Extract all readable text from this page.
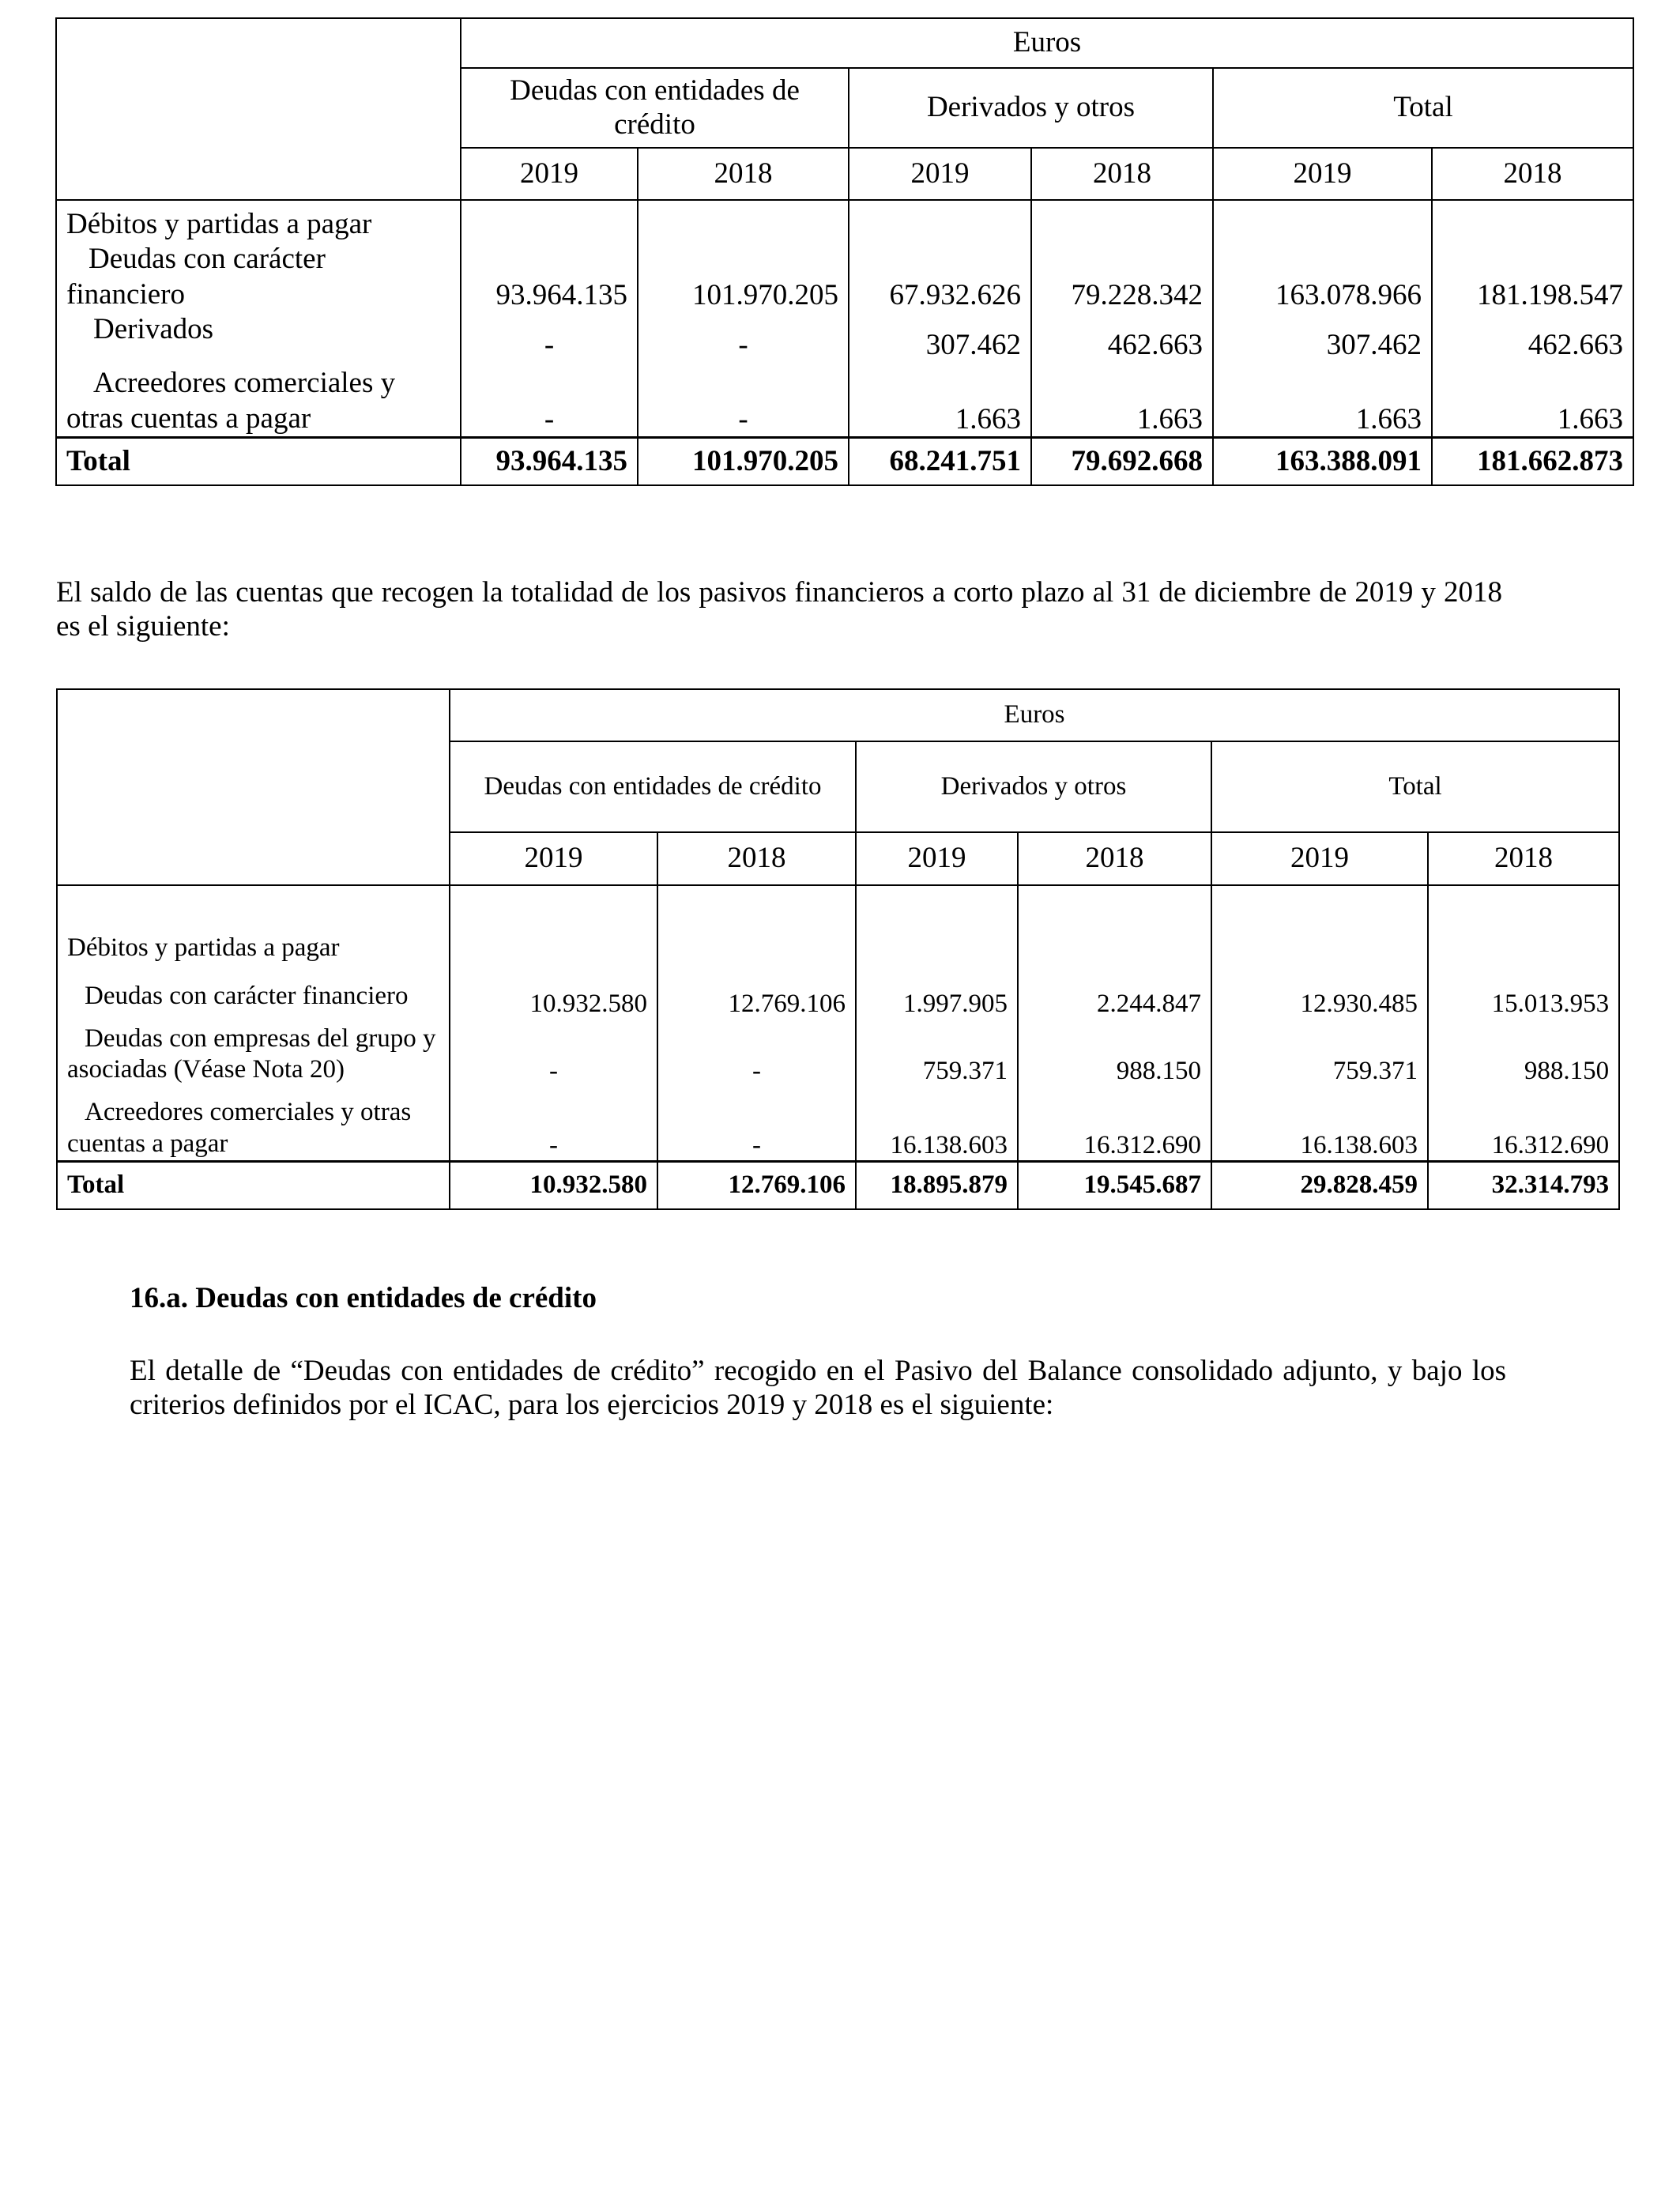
	Euros					
	Deudas con entidades de crédito		Derivados y otros		Total	
	2019	2018	2019	2018	2019	2018
Débitos y partidas a pagar						
Deudas con carácter financiero	93.964.135	101.970.205	67.932.626	79.228.342	163.078.966	181.198.547
Derivados	-	-	307.462	462.663	307.462	462.663
Acreedores comerciales y otras cuentas a pagar	-	-	1.663	1.663	1.663	1.663
Total	93.964.135	101.970.205	68.241.751	79.692.668	163.388.091	181.662.873
El saldo de las cuentas que recogen la totalidad de los pasivos financieros a corto plazo al 31 de diciembre de 2019 y 2018 es el siguiente:
	Euros					
	Deudas con entidades de crédito		Derivados y otros		Total	
	2019	2018	2019	2018	2019	2018
Débitos y partidas a pagar						
Deudas con carácter financiero	10.932.580	12.769.106	1.997.905	2.244.847	12.930.485	15.013.953
Deudas con empresas del grupo y asociadas (Véase Nota 20)	-	-	759.371	988.150	759.371	988.150
Acreedores comerciales y otras cuentas a pagar	-	-	16.138.603	16.312.690	16.138.603	16.312.690
Total	10.932.580	12.769.106	18.895.879	19.545.687	29.828.459	32.314.793
16.a. Deudas con entidades de crédito
El detalle de “Deudas con entidades de crédito” recogido en el Pasivo del Balance consolidado adjunto, y bajo los criterios definidos por el ICAC, para los ejercicios 2019 y 2018 es el siguiente:
